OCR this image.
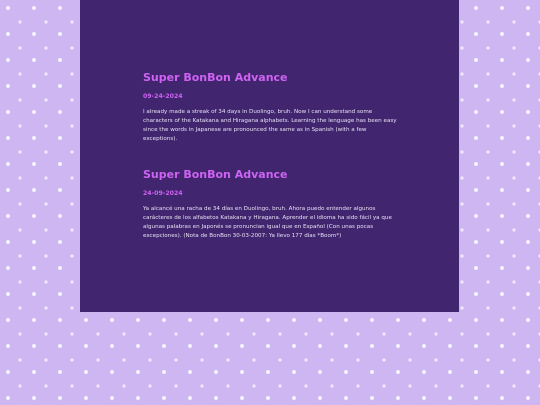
Super BonBon Advance

09-24-2024

I already made a streak of 34 days in Duolingo, bruh. Now I can understand some characters of the Katakana and Hiragana alphabets. Learning the lenguage has been easy since the words in Japanese are pronounced the same as in Spanish (with a few exceptions).

Super BonBon Advance

24-09-2024

Ya alcancé una racha de 34 días en Duolingo, bruh. Ahora puedo entender algunos carácteres de los alfabetos Katakana y Hiragana. Aprender el idioma ha sido fácil ya que algunas palabras en Japonés se pronuncian igual que en Español (Con unas pocas excepciones). (Nota de BonBon 30-03-2007: Ya llevo 177 días *Boom*)
